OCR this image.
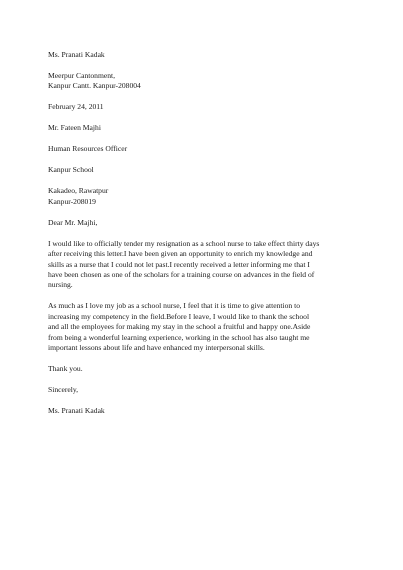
Ms. Pranati Kadak
Meerpur Cantonment,
Kanpur Cantt. Kanpur-208004
February 24, 2011
Mr. Fateen Majhi
Human Resources Officer
Kanpur School
Kakadeo, Rawatpur
Kanpur-208019
Dear Mr. Majhi,
I would like to officially tender my resignation as a school nurse to take effect thirty days
after receiving this letter.I have been given an opportunity to enrich my knowledge and
skills as a nurse that I could not let past.I recently received a letter informing me that I
have been chosen as one of the scholars for a training course on advances in the field of
nursing.
As much as I love my job as a school nurse, I feel that it is time to give attention to
increasing my competency in the field.Before I leave, I would like to thank the school
and all the employees for making my stay in the school a fruitful and happy one.Aside
from being a wonderful learning experience, working in the school has also taught me
important lessons about life and have enhanced my interpersonal skills.
Thank you.
Sincerely,
Ms. Pranati Kadak
